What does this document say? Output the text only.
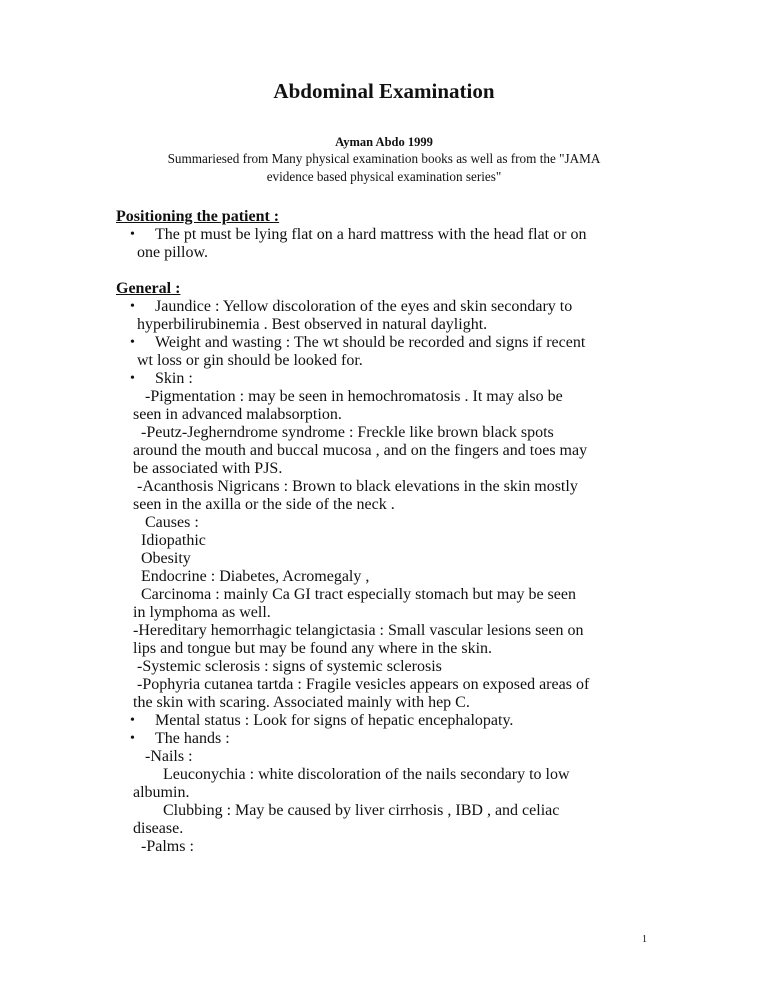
Abdominal Examination
Ayman Abdo 1999
Summariesed from Many physical examination books as well as from the "JAMA
evidence based physical examination series"
Positioning the patient :
• The pt must be lying flat on a hard mattress with the head flat or on
one pillow.
General :
• Jaundice : Yellow discoloration of the eyes and skin secondary to
hyperbilirubinemia . Best observed in natural daylight.
• Weight and wasting : The wt should be recorded and signs if recent
wt loss or gin should be looked for.
• Skin :
-Pigmentation : may be seen in hemochromatosis . It may also be
seen in advanced malabsorption.
-Peutz-Jegherndrome syndrome : Freckle like brown black spots
around the mouth and buccal mucosa , and on the fingers and toes may
be associated with PJS.
-Acanthosis Nigricans : Brown to black elevations in the skin mostly
seen in the axilla or the side of the neck .
Causes :
Idiopathic
Obesity
Endocrine : Diabetes, Acromegaly ,
Carcinoma : mainly Ca GI tract especially stomach but may be seen
in lymphoma as well.
-Hereditary hemorrhagic telangictasia : Small vascular lesions seen on
lips and tongue but may be found any where in the skin.
-Systemic sclerosis : signs of systemic sclerosis
-Pophyria cutanea tartda : Fragile vesicles appears on exposed areas of
the skin with scaring. Associated mainly with hep C.
• Mental status : Look for signs of hepatic encephalopaty.
• The hands :
-Nails :
Leuconychia : white discoloration of the nails secondary to low
albumin.
Clubbing : May be caused by liver cirrhosis , IBD , and celiac
disease.
-Palms :
1
